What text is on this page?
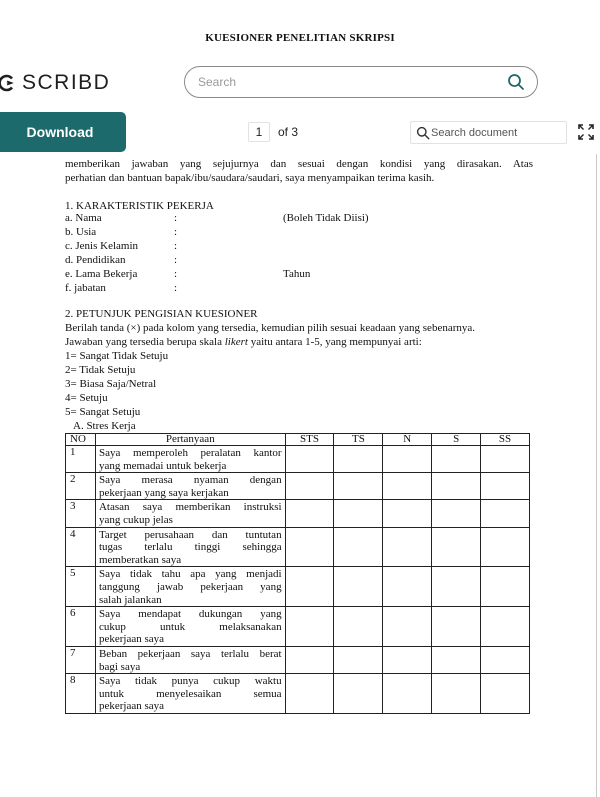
KUESIONER PENELITIAN SKRIPSI
SCRIBD
Search
Download
1	of 3
Search document
memberikan jawaban yang sejujurnya dan sesuai dengan kondisi yang dirasakan. Atas
perhatian dan bantuan bapak/ibu/saudara/saudari, saya menyampaikan terima kasih.
1. KARAKTERISTIK PEKERJA
a. Nama	:	(Boleh Tidak Diisi)
b. Usia	:
c. Jenis Kelamin	:
d. Pendidikan	:
e. Lama Bekerja	:	Tahun
f. jabatan	:
2. PETUNJUK PENGISIAN KUESIONER
Berilah tanda (×) pada kolom yang tersedia, kemudian pilih sesuai keadaan yang sebenarnya.
Jawaban yang tersedia berupa skala likert yaitu antara 1-5, yang mempunyai arti:
1= Sangat Tidak Setuju
2= Tidak Setuju
3= Biasa Saja/Netral
4= Setuju
5= Sangat Setuju
A. Stres Kerja
NO	Pertanyaan	STS	TS	N	S	SS
1	Saya memperoleh peralatan kantor
yang memadai untuk bekerja					

2	Saya merasa nyaman dengan
pekerjaan yang saya kerjakan					

3	Atasan saya memberikan instruksi
yang cukup jelas					

4	Target perusahaan dan tuntutan
tugas terlalu tinggi sehingga
memberatkan saya					

5	Saya tidak tahu apa yang menjadi
tanggung jawab pekerjaan yang
salah jalankan					

6	Saya mendapat dukungan yang
cukup untuk melaksanakan
pekerjaan saya					

7	Beban pekerjaan saya terlalu berat
bagi saya					

8	Saya tidak punya cukup waktu
untuk menyelesaikan semua
pekerjaan saya					
